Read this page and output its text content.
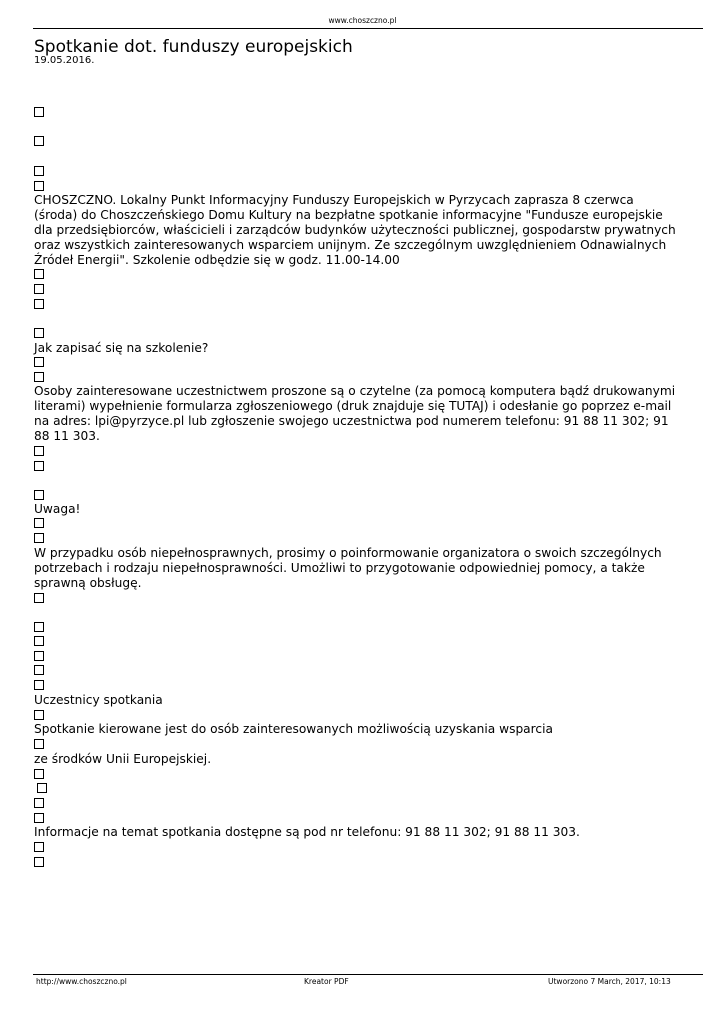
www.choszczno.pl
Spotkanie dot. funduszy europejskich
19.05.2016.
CHOSZCZNO. Lokalny Punkt Informacyjny Funduszy Europejskich w Pyrzycach zaprasza 8 czerwca
(środa) do Choszczeńskiego Domu Kultury na bezpłatne spotkanie informacyjne "Fundusze europejskie
dla przedsiębiorców, właścicieli i zarządców budynków użyteczności publicznej, gospodarstw prywatnych
oraz wszystkich zainteresowanych wsparciem unijnym. Ze szczególnym uwzględnieniem Odnawialnych
Źródeł Energii". Szkolenie odbędzie się w godz. 11.00-14.00
Jak zapisać się na szkolenie?
Osoby zainteresowane uczestnictwem proszone są o czytelne (za pomocą komputera bądź drukowanymi
literami) wypełnienie formularza zgłoszeniowego (druk znajduje się TUTAJ) i odesłanie go poprzez e-mail
na adres: lpi@pyrzyce.pl lub zgłoszenie swojego uczestnictwa pod numerem telefonu: 91 88 11 302; 91
88 11 303.
Uwaga!
W przypadku osób niepełnosprawnych, prosimy o poinformowanie organizatora o swoich szczególnych
potrzebach i rodzaju niepełnosprawności. Umożliwi to przygotowanie odpowiedniej pomocy, a także
sprawną obsługę.
Uczestnicy spotkania
Spotkanie kierowane jest do osób zainteresowanych możliwością uzyskania wsparcia
ze środków Unii Europejskiej.
Informacje na temat spotkania dostępne są pod nr telefonu: 91 88 11 302; 91 88 11 303.
http://www.choszczno.pl	Kreator PDF	Utworzono 7 March, 2017, 10:13
